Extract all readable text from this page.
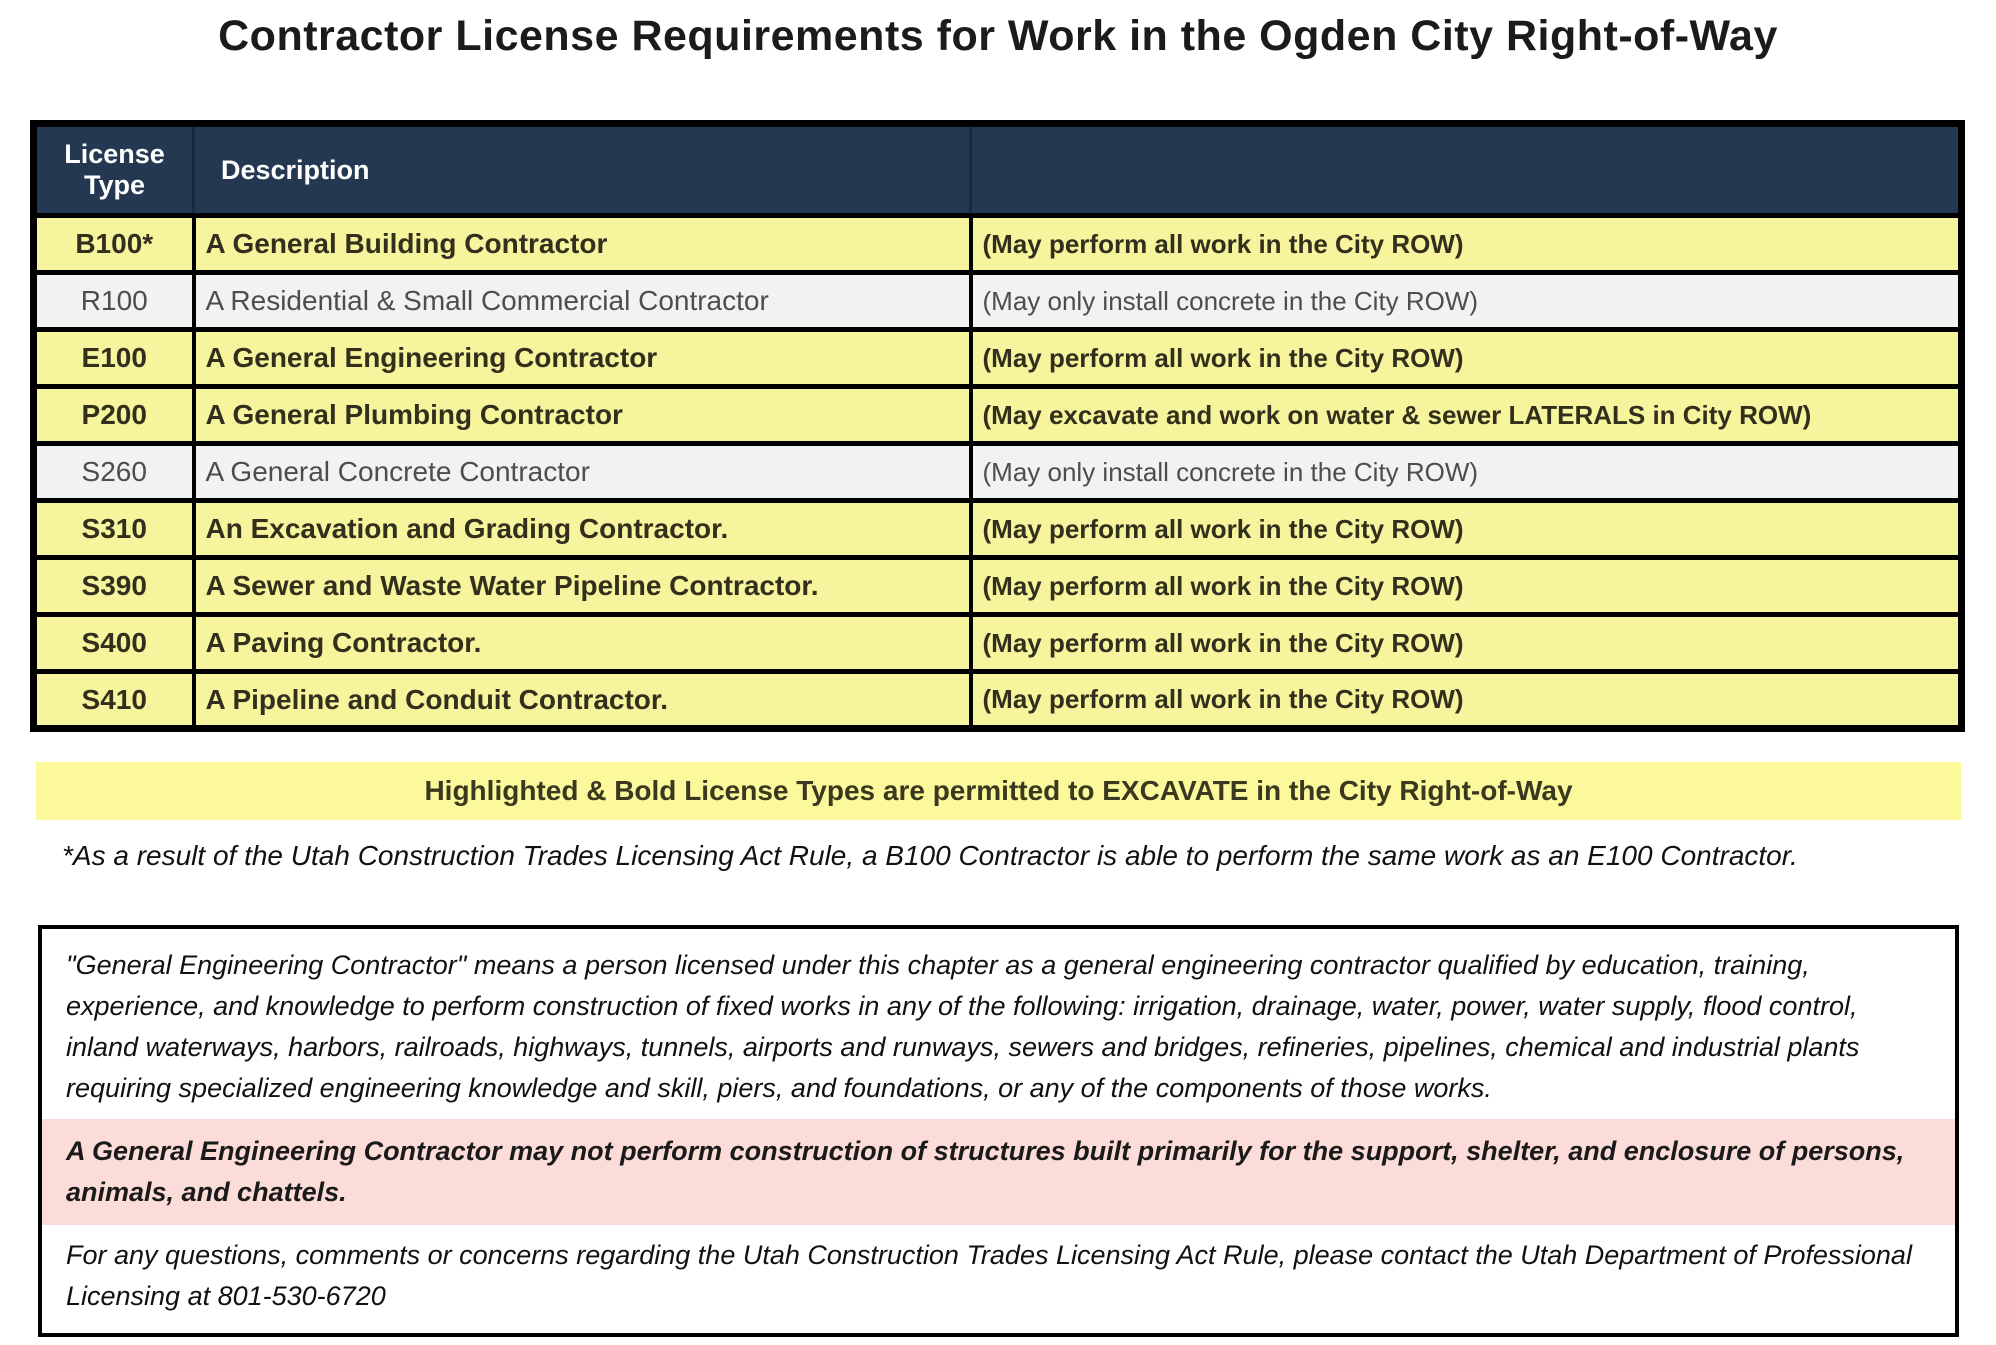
Contractor License Requirements for Work in the Ogden City Right-of-Way
License Type	Description	
B100*	A General Building Contractor	(May perform all work in the City ROW)
R100	A Residential & Small Commercial Contractor	(May only install concrete in the City ROW)
E100	A General Engineering Contractor	(May perform all work in the City ROW)
P200	A General Plumbing Contractor	(May excavate and work on water & sewer LATERALS in City ROW)
S260	A General Concrete Contractor	(May only install concrete in the City ROW)
S310	An Excavation and Grading Contractor.	(May perform all work in the City ROW)
S390	A Sewer and Waste Water Pipeline Contractor.	(May perform all work in the City ROW)
S400	A Paving Contractor.	(May perform all work in the City ROW)
S410	A Pipeline and Conduit Contractor.	(May perform all work in the City ROW)
Highlighted & Bold License Types are permitted to EXCAVATE in the City Right-of-Way
*As a result of the Utah Construction Trades Licensing Act Rule, a B100 Contractor is able to perform the same work as an E100 Contractor.

"General Engineering Contractor" means a person licensed under this chapter as a general engineering contractor qualified by education, training, experience, and knowledge to perform construction of fixed works in any of the following: irrigation, drainage, water, power, water supply, flood control, inland waterways, harbors, railroads, highways, tunnels, airports and runways, sewers and bridges, refineries, pipelines, chemical and industrial plants requiring specialized engineering knowledge and skill, piers, and foundations, or any of the components of those works.

A General Engineering Contractor may not perform construction of structures built primarily for the support, shelter, and enclosure of persons, animals, and chattels.

For any questions, comments or concerns regarding the Utah Construction Trades Licensing Act Rule, please contact the Utah Department of Professional Licensing at 801-530-6720
